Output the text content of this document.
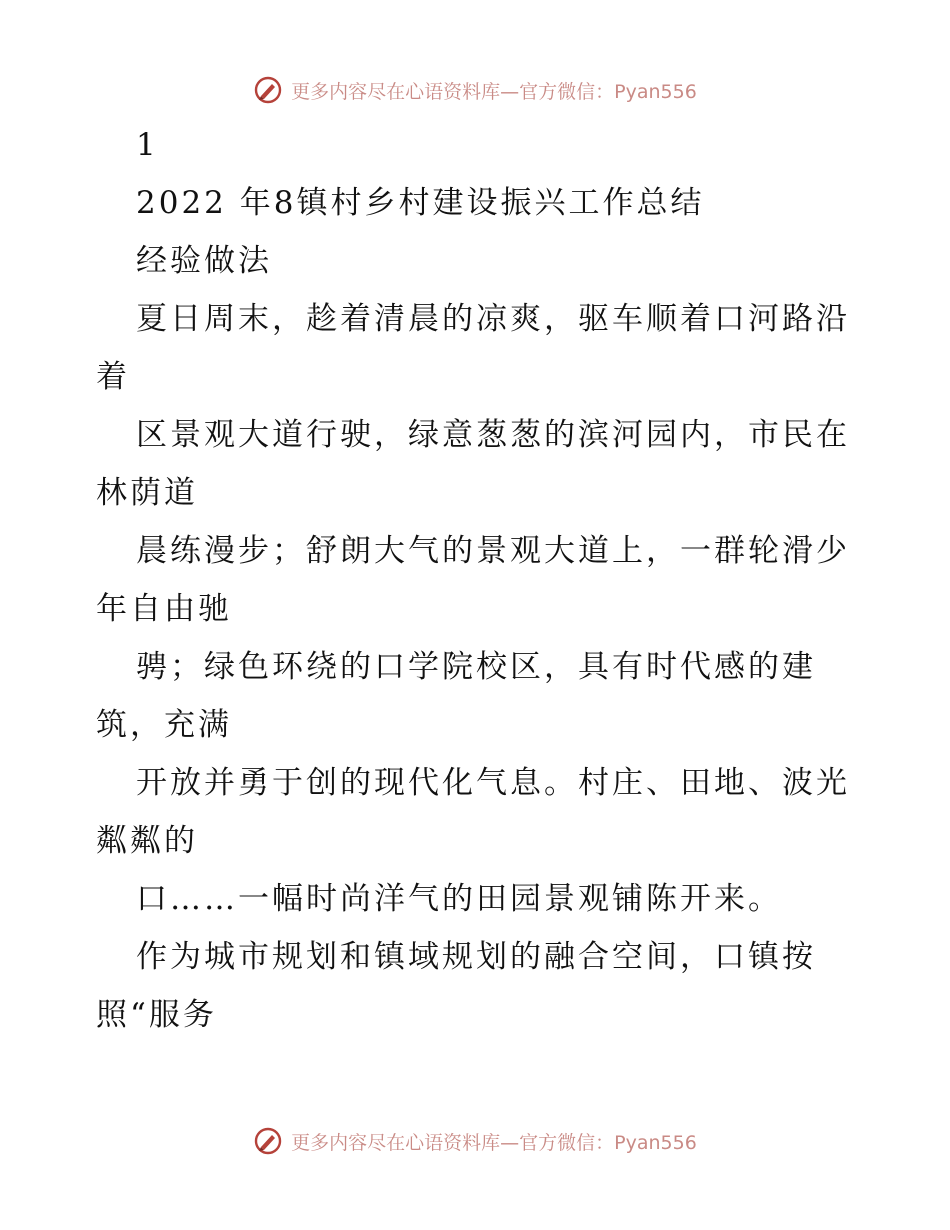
更多内容尽在心语资料库—官方微信：Pyan556
1
2022 年8镇村乡村建设振兴工作总结
经验做法
夏日周末，趁着清晨的凉爽，驱车顺着口河路沿
着
区景观大道行驶，绿意葱葱的滨河园内，市民在
林荫道
晨练漫步；舒朗大气的景观大道上，一群轮滑少
年自由驰
骋；绿色环绕的口学院校区，具有时代感的建
筑，充满
开放并勇于创的现代化气息。村庄、田地、波光
粼粼的
口……一幅时尚洋气的田园景观铺陈开来。
作为城市规划和镇域规划的融合空间，口镇按
照“服务
更多内容尽在心语资料库—官方微信：Pyan556
